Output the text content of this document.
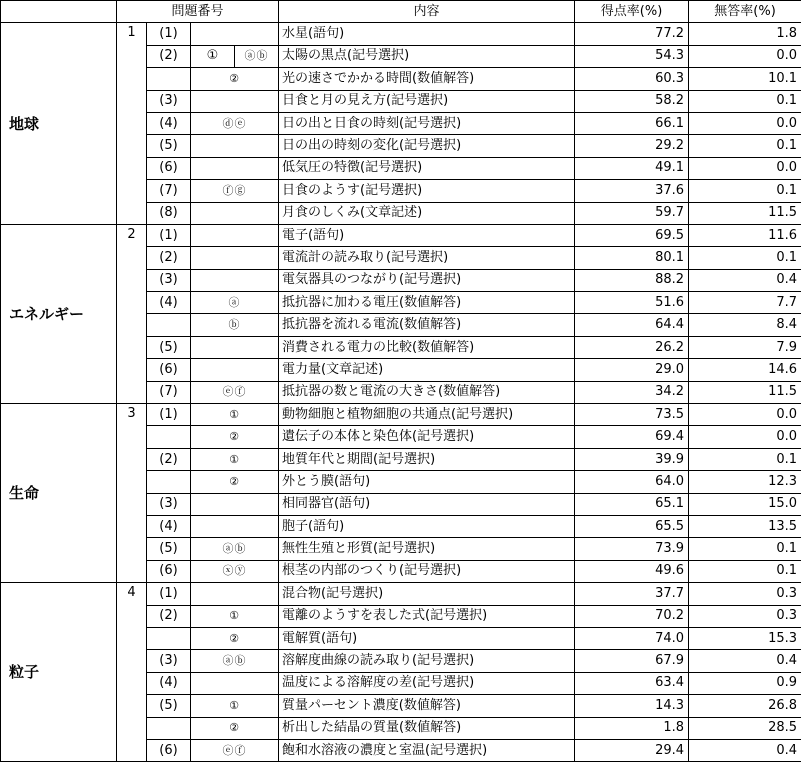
	問題番号				内容	得点率(%)	無答率(%)
地球	1	(1)			水星(語句)	77.2	1.8
		(2)	①	ⓐⓑ	太陽の黒点(記号選択)	54.3	0.0
			②		光の速さでかかる時間(数値解答)	60.3	10.1
		(3)			日食と月の見え方(記号選択)	58.2	0.1
		(4)	ⓓⓔ		日の出と日食の時刻(記号選択)	66.1	0.0
		(5)			日の出の時刻の変化(記号選択)	29.2	0.1
		(6)			低気圧の特徴(記号選択)	49.1	0.0
		(7)	ⓕⓖ		日食のようす(記号選択)	37.6	0.1
		(8)			月食のしくみ(文章記述)	59.7	11.5
エネルギー	2	(1)			電子(語句)	69.5	11.6
		(2)			電流計の読み取り(記号選択)	80.1	0.1
		(3)			電気器具のつながり(記号選択)	88.2	0.4
		(4)	ⓐ		抵抗器に加わる電圧(数値解答)	51.6	7.7
			ⓑ		抵抗器を流れる電流(数値解答)	64.4	8.4
		(5)			消費される電力の比較(数値解答)	26.2	7.9
		(6)			電力量(文章記述)	29.0	14.6
		(7)	ⓔⓕ		抵抗器の数と電流の大きさ(数値解答)	34.2	11.5
生命	3	(1)	①		動物細胞と植物細胞の共通点(記号選択)	73.5	0.0
			②		遺伝子の本体と染色体(記号選択)	69.4	0.0
		(2)	①		地質年代と期間(記号選択)	39.9	0.1
			②		外とう膜(語句)	64.0	12.3
		(3)			相同器官(語句)	65.1	15.0
		(4)			胞子(語句)	65.5	13.5
		(5)	ⓐⓑ		無性生殖と形質(記号選択)	73.9	0.1
		(6)	ⓧⓨ		根茎の内部のつくり(記号選択)	49.6	0.1
粒子	4	(1)			混合物(記号選択)	37.7	0.3
		(2)	①		電離のようすを表した式(記号選択)	70.2	0.3
			②		電解質(語句)	74.0	15.3
		(3)	ⓐⓑ		溶解度曲線の読み取り(記号選択)	67.9	0.4
		(4)			温度による溶解度の差(記号選択)	63.4	0.9
		(5)	①		質量パーセント濃度(数値解答)	14.3	26.8
			②		析出した結晶の質量(数値解答)	1.8	28.5
		(6)	ⓔⓕ		飽和水溶液の濃度と室温(記号選択)	29.4	0.4
